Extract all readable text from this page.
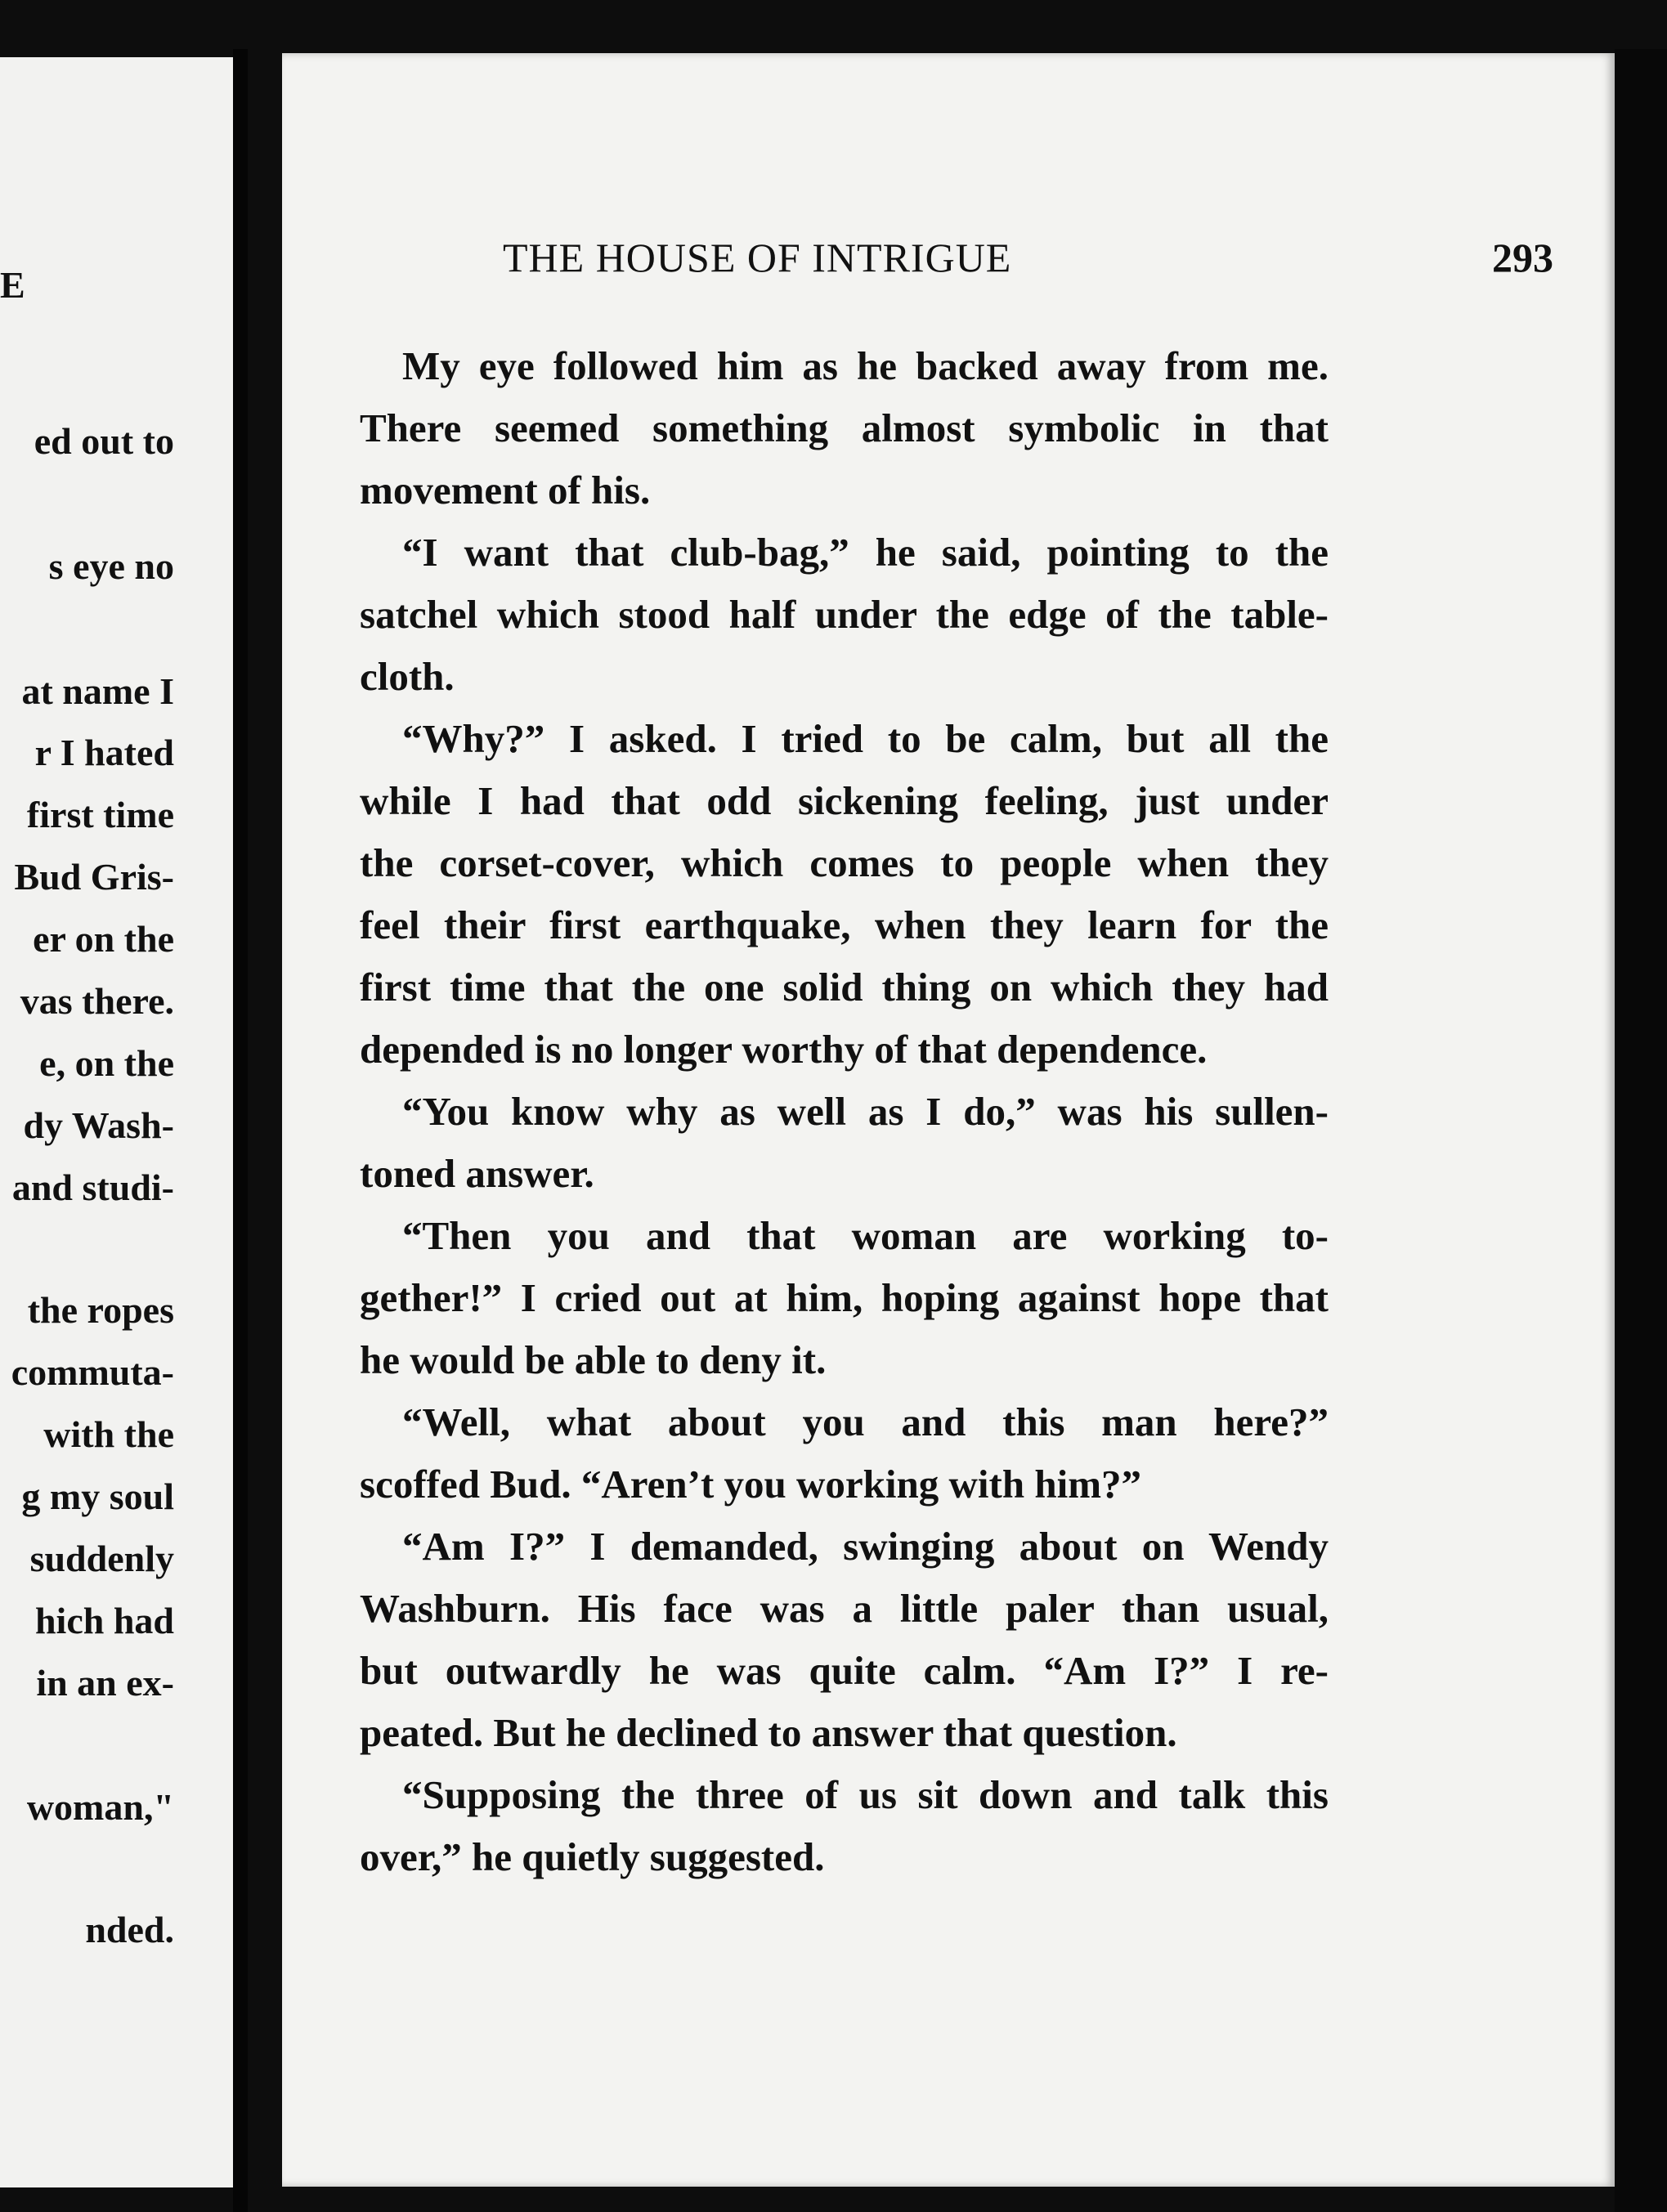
E
ed out to
s eye no
at name I
r I hated
first time
Bud Gris-
er on the
vas there.
e, on the
dy Wash-
and studi-
the ropes
commuta-
with the
g my soul
suddenly
hich had
in an ex-
woman,"
nded.
THE HOUSE OF INTRIGUE	293
My eye followed him as he backed away from me.
There seemed something almost symbolic in that
movement of his.
“I want that club-bag,” he said, pointing to the
satchel which stood half under the edge of the table-
cloth.
“Why?” I asked. I tried to be calm, but all the
while I had that odd sickening feeling, just under
the corset-cover, which comes to people when they
feel their first earthquake, when they learn for the
first time that the one solid thing on which they had
depended is no longer worthy of that dependence.
“You know why as well as I do,” was his sullen-
toned answer.
“Then you and that woman are working to-
gether!” I cried out at him, hoping against hope that
he would be able to deny it.
“Well, what about you and this man here?”
scoffed Bud. “Aren’t you working with him?”
“Am I?” I demanded, swinging about on Wendy
Washburn. His face was a little paler than usual,
but outwardly he was quite calm. “Am I?” I re-
peated. But he declined to answer that question.
“Supposing the three of us sit down and talk this
over,” he quietly suggested.
